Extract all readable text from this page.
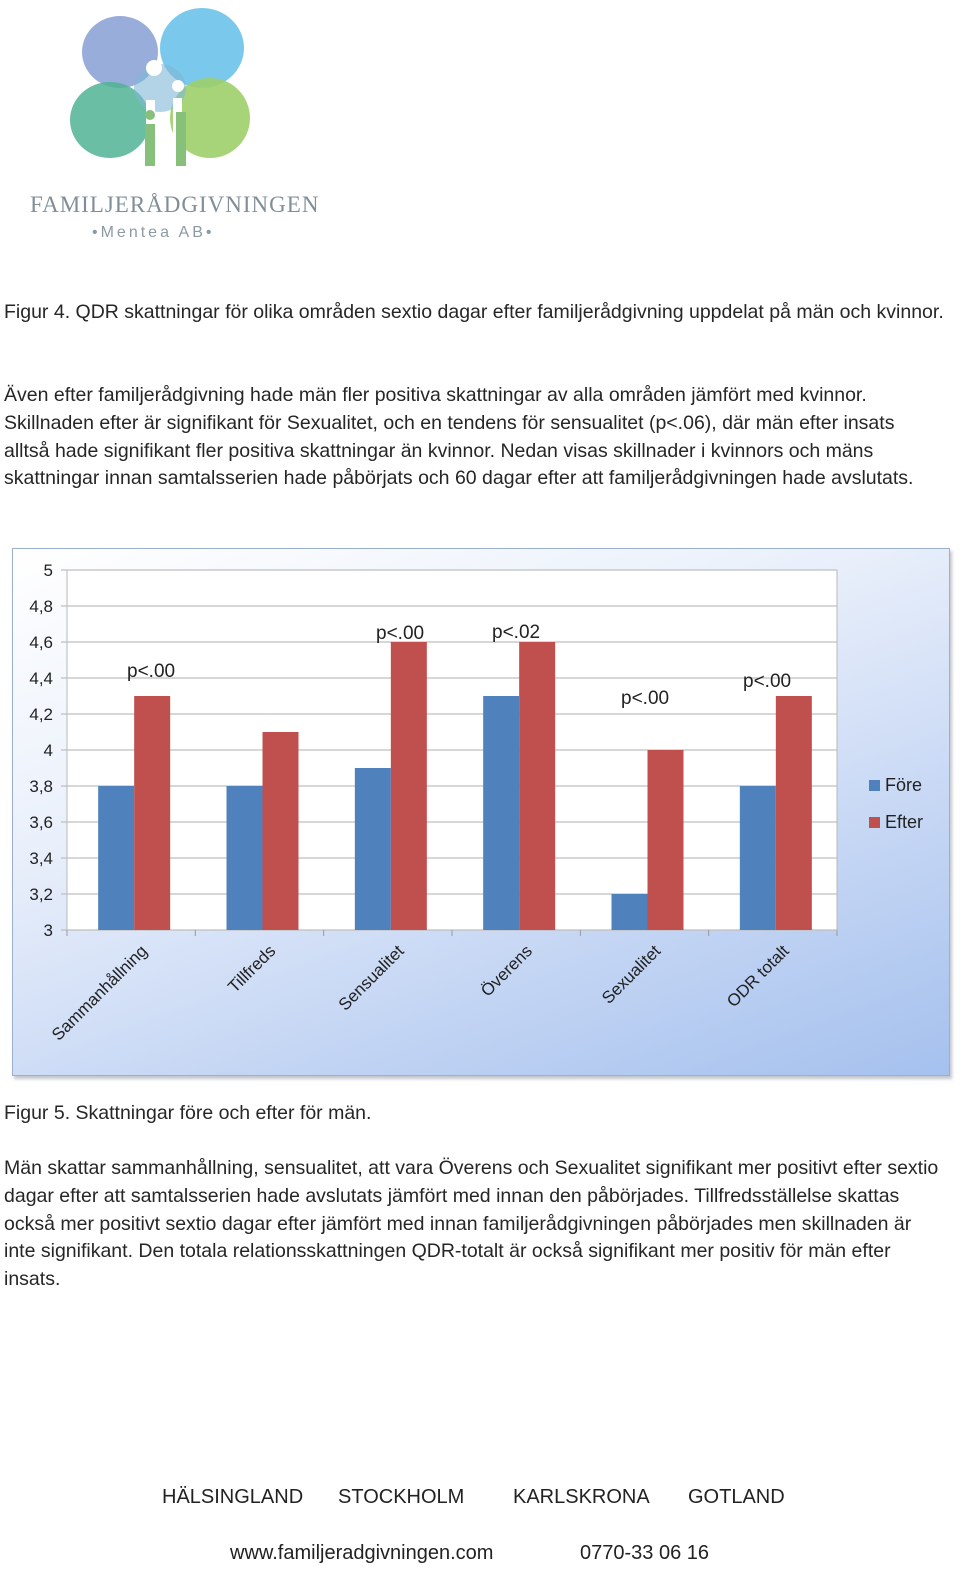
FAMILJERÅDGIVNINGEN
•Mentea AB•
Figur 4. QDR skattningar för olika områden sextio dagar efter familjerådgivning uppdelat på män och kvinnor.
Även efter familjerådgivning hade män fler positiva skattningar av alla områden jämfört med kvinnor. Skillnaden efter är signifikant för Sexualitet, och en tendens för sensualitet (p<.06), där män efter insats alltså hade signifikant fler positiva skattningar än kvinnor. Nedan visas skillnader i kvinnors och mäns skattningar innan samtalsserien hade påbörjats och 60 dagar efter att familjerådgivningen hade avslutats.
5
4,8
4,6
4,4
4,2
4
3,8
3,6
3,4
3,2
3
Sammanhållning	Tillfreds	Sensualitet	Överens	Sexualitet	ODR totalt
p<.00
p<.00	p<.02
p<.00
p<.00
Före
Efter
Figur 5. Skattningar före och efter för män.
Män skattar sammanhållning, sensualitet, att vara Överens och Sexualitet signifikant mer positivt efter sextio dagar efter att samtalsserien hade avslutats jämfört med innan den påbörjades. Tillfredsställelse skattas också mer positivt sextio dagar efter jämfört med innan familjerådgivningen påbörjades men skillnaden är inte signifikant. Den totala relationsskattningen QDR-totalt är också signifikant mer positiv för män efter insats.
HÄLSINGLAND STOCKHOLM KARLSKRONA GOTLAND
www.familjeradgivningen.com	0770-33 06 16
